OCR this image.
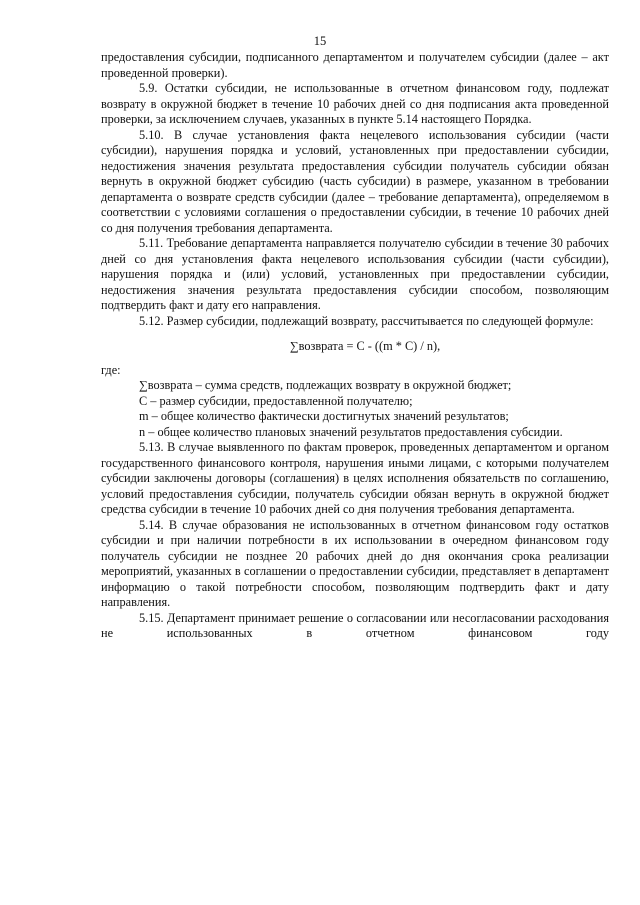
15

предоставления субсидии, подписанного департаментом и получателем субсидии (далее – акт проведенной проверки).

5.9. Остатки субсидии, не использованные в отчетном финансовом году, подлежат возврату в окружной бюджет в течение 10 рабочих дней со дня подписания акта проведенной проверки, за исключением случаев, указанных в пункте 5.14 настоящего Порядка.

5.10. В случае установления факта нецелевого использования субсидии (части субсидии), нарушения порядка и условий, установленных при предоставлении субсидии, недостижения значения результата предоставления субсидии получатель субсидии обязан вернуть в окружной бюджет субсидию (часть субсидии) в размере, указанном в требовании департамента о возврате средств субсидии (далее – требование департамента), определяемом в соответствии с условиями соглашения о предоставлении субсидии, в течение 10 рабочих дней со дня получения требования департамента.

5.11. Требование департамента направляется получателю субсидии в течение 30 рабочих дней со дня установления факта нецелевого использования субсидии (части субсидии), нарушения порядка и (или) условий, установленных при предоставлении субсидии, недостижения значения результата предоставления субсидии способом, позволяющим подтвердить факт и дату его направления.

5.12. Размер субсидии, подлежащий возврату, рассчитывается по следующей формуле:

∑возврата = С - ((m * С) / n),

где:

∑возврата – сумма средств, подлежащих возврату в окружной бюджет;

С – размер субсидии, предоставленной получателю;

m – общее количество фактически достигнутых значений результатов;

n – общее количество плановых значений результатов предоставления субсидии.

5.13. В случае выявленного по фактам проверок, проведенных департаментом и органом государственного финансового контроля, нарушения иными лицами, с которыми получателем субсидии заключены договоры (соглашения) в целях исполнения обязательств по соглашению, условий предоставления субсидии, получатель субсидии обязан вернуть в окружной бюджет средства субсидии в течение 10 рабочих дней со дня получения требования департамента.

5.14. В случае образования не использованных в отчетном финансовом году остатков субсидии и при наличии потребности в их использовании в очередном финансовом году получатель субсидии не позднее 20 рабочих дней до дня окончания срока реализации мероприятий, указанных в соглашении о предоставлении субсидии, представляет в департамент информацию о такой потребности способом, позволяющим подтвердить факт и дату направления.

5.15. Департамент принимает решение о согласовании или несогласовании расходования не использованных в отчетном финансовом году
